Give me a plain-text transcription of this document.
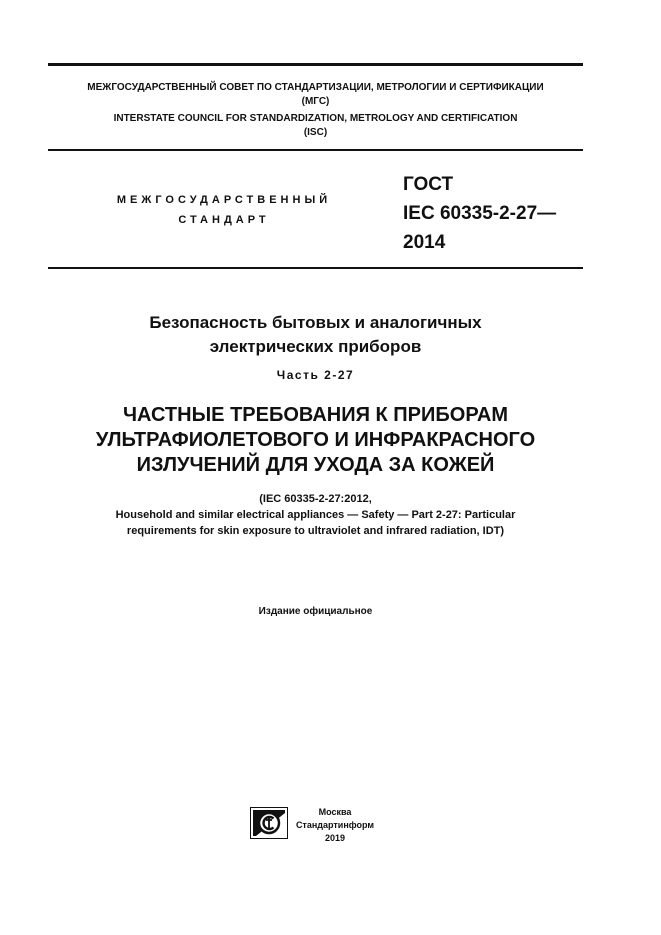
МЕЖГОСУДАРСТВЕННЫЙ СОВЕТ ПО СТАНДАРТИЗАЦИИ, МЕТРОЛОГИИ И СЕРТИФИКАЦИИ
(МГС)
INTERSTATE COUNCIL FOR STANDARDIZATION, METROLOGY AND CERTIFICATION
(ISC)
МЕЖГОСУДАРСТВЕННЫЙ
СТАНДАРТ
ГОСТ
IEC 60335-2-27—
2014
Безопасность бытовых и аналогичных
электрических приборов
Часть 2-27
ЧАСТНЫЕ ТРЕБОВАНИЯ К ПРИБОРАМ
УЛЬТРАФИОЛЕТОВОГО И ИНФРАКРАСНОГО
ИЗЛУЧЕНИЙ ДЛЯ УХОДА ЗА КОЖЕЙ
(IEC 60335-2-27:2012,
Household and similar electrical appliances — Safety — Part 2-27: Particular
requirements for skin exposure to ultraviolet and infrared radiation, IDT)
Издание официальное
Москва
Стандартинформ
2019
